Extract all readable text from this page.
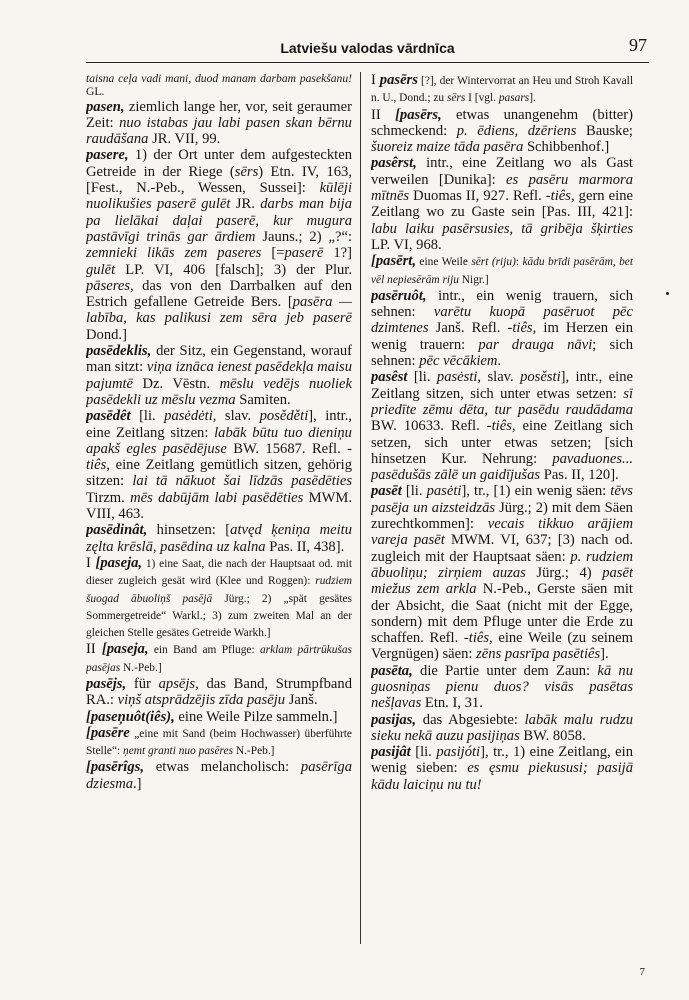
Latviešu valodas vārdnīca	97

taisna ceļa vadi mani, duod manam darbam pasekšanu! GL.

pasen, ziemlich lange her, vor, seit geraumer Zeit: nuo istabas jau labi pasen skan bērnu raudāšana JR. VII, 99.

pasere, 1) der Ort unter dem aufgesteckten Getreide in der Riege (sērs) Etn. IV, 163, [Fest., N.-Peb., Wessen, Sussei]: kūlēji nuolikušies paserē gulēt JR. darbs man bija pa lielākai daļai paserē, kur mugura pastāvīgi trinās gar ārdiem Jauns.; 2) „?“: zemnieki likās zem paseres [=paserē 1?] gulēt LP. VI, 406 [falsch]; 3) der Plur. pāseres, das von den Darrbalken auf den Estrich gefallene Getreide Bers. [pasēra — labība, kas palikusi zem sēra jeb paserē Dond.]

pasēdeklis, der Sitz, ein Gegenstand, worauf man sitzt: viņa iznāca ienest pasēdekļa maisu pajumtē Dz. Vēstn. mēslu vedējs nuoliek pasēdekli uz mēslu vezma Samiten.

pasēdêt [li. pasėdėti, slav. posěděti], intr., eine Zeitlang sitzen: labāk būtu tuo dieniņu apakš egles pasēdējuse BW. 15687. Refl. -tiês, eine Zeitlang gemütlich sitzen, gehörig sitzen: lai tā nākuot šai līdzās pasēdēties Tirzm. mēs dabūjām labi pasēdēties MWM. VIII, 463.

pasēdinât, hinsetzen: [atvęd ķeniņa meitu zęlta krēslā, pasēdina uz kalna Pas. II, 438].

I [paseja, 1) eine Saat, die nach der Hauptsaat od. mit dieser zugleich gesät wird (Klee und Roggen): rudziem šuogad ābuoliņš pasējā Jürg.; 2) „spät gesätes Sommergetreide“ Warkl.; 3) zum zweiten Mal an der gleichen Stelle gesätes Getreide Warkh.]

II [paseja, ein Band am Pfluge: arklam pārtrūkušas pasējas N.-Peb.]

pasējs, für apsējs, das Band, Strumpfband RA.: viņš atsprādzējis zīda pasēju Janš.

[paseņuôt(iês), eine Weile Pilze sammeln.]

[pasēre „eine mit Sand (beim Hochwasser) überführte Stelle“: ņemt granti nuo pasēres N.-Peb.]

[pasērîgs, etwas melancholisch: pasērīga dziesma.]

I pasērs [?], der Wintervorrat an Heu und Stroh Kavall n. U., Dond.; zu sērs I [vgl. pasars].

II [pasērs, etwas unangenehm (bitter) schmeckend: p. ēdiens, dzēriens Bauske; šuoreiz maize tāda pasēra Schibbenhof.]

pasêrst, intr., eine Zeitlang wo als Gast verweilen [Dunika]: es pasēru marmora mītnēs Duomas II, 927. Refl. -tiês, gern eine Zeitlang wo zu Gaste sein [Pas. III, 421]: labu laiku pasērsusies, tā gribēja šķirties LP. VI, 968.

[pasērt, eine Weile sērt (riju): kādu brīdi pasērām, bet vēl nepiesērām riju Nigr.]

pasēruôt, intr., ein wenig trauern, sich sehnen: varētu kuopā pasēruot pēc dzimtenes Janš. Refl. -tiês, im Herzen ein wenig trauern: par drauga nāvi; sich sehnen: pēc vēcākiem.

pasêst [li. pasėsti, slav. posěsti], intr., eine Zeitlang sitzen, sich unter etwas setzen: sī priedīte zēmu dēta, tur pasēdu raudādama BW. 10633. Refl. -tiês, eine Zeitlang sich setzen, sich unter etwas setzen; [sich hinsetzen Kur. Nehrung: pavaduones... pasēdušās zālē un gaidījušas Pas. II, 120].

pasēt [li. pasėti], tr., [1) ein wenig säen: tēvs pasēja un aizsteidzās Jürg.; 2) mit dem Säen zurechtkommen]: vecais tikkuo arājiem vareja pasēt MWM. VI, 637; [3) nach od. zugleich mit der Hauptsaat säen: p. rudziem ābuoliņu; zirņiem auzas Jürg.; 4) pasēt miežus zem arkla N.-Peb., Gerste säen mit der Absicht, die Saat (nicht mit der Egge, sondern) mit dem Pfluge unter die Erde zu schaffen. Refl. -tiês, eine Weile (zu seinem Vergnügen) säen: zēns pasrīpa pasētiês].

pasēta, die Partie unter dem Zaun: kā nu guosniņas pienu duos? visās pasētas nešļavas Etn. I, 31.

pasijas, das Abgesiebte: labāk malu rudzu sieku nekā auzu pasijiņas BW. 8058.

pasijât [li. pasijóti], tr., 1) eine Zeitlang, ein wenig sieben: es ęsmu piekususi; pasijā kādu laiciņu nu tu!

7
